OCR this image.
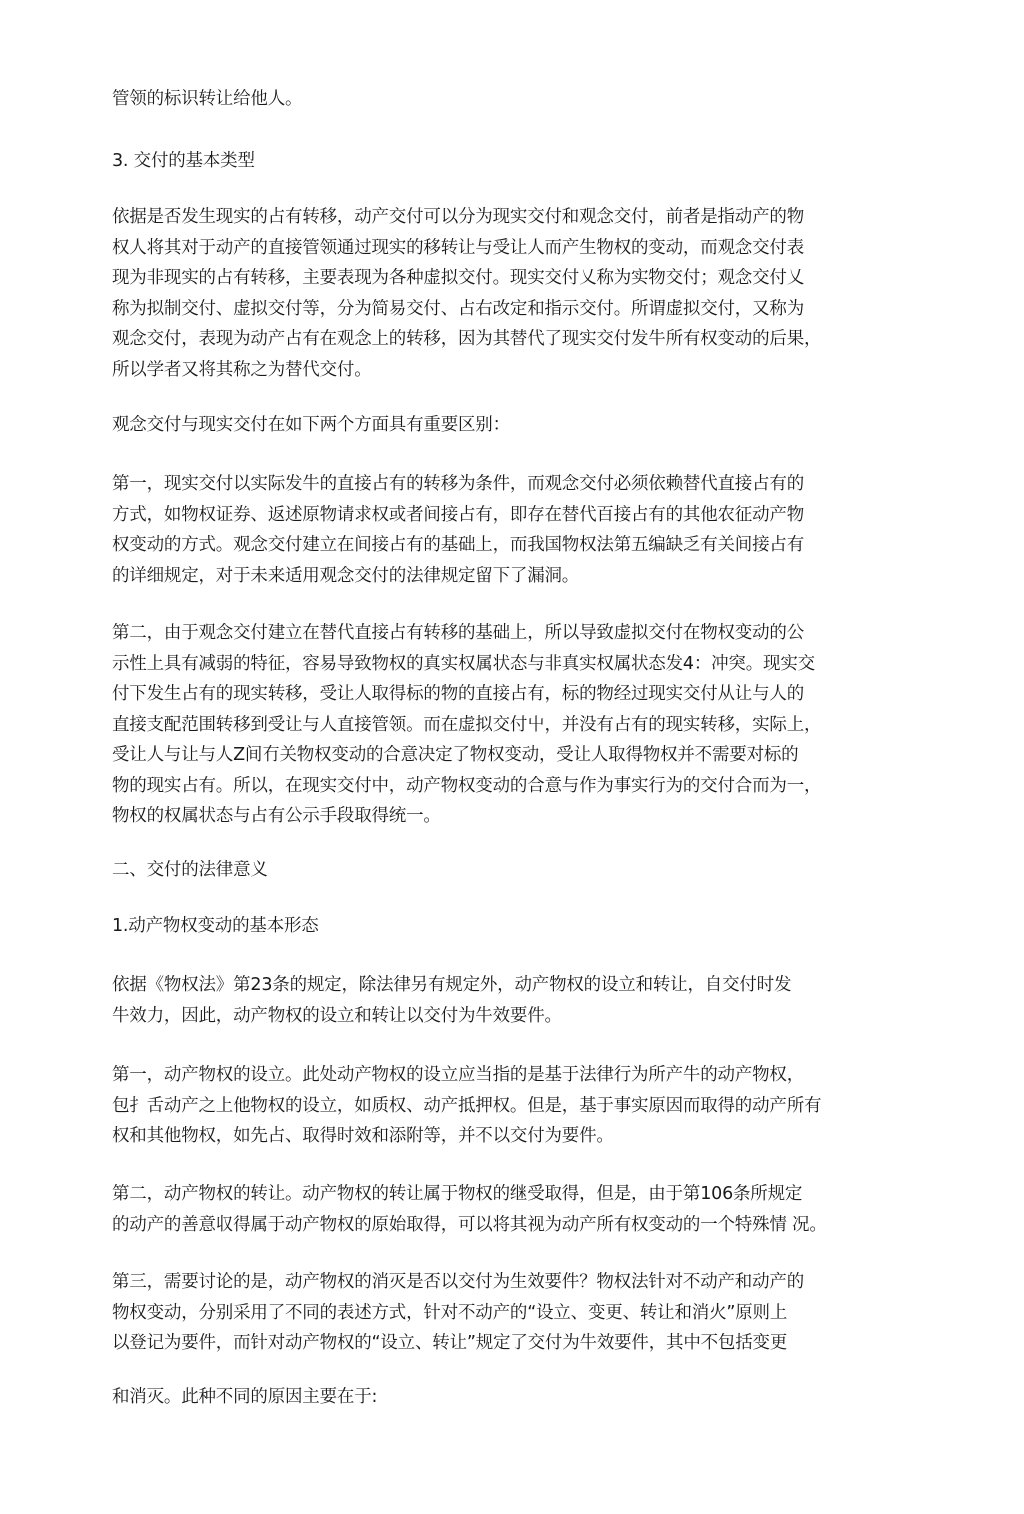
管领的标识转让给他人。

3. 交付的基本类型

依据是否发生现实的占有转移，动产交付可以分为现实交付和观念交付，前者是指动产的物
权人将其对于动产的直接管领通过现实的移转让与受让人而产生物权的变动，而观念交付表
现为非现实的占有转移，主要表现为各种虚拟交付。现实交付乂称为实物交付；观念交付乂
称为拟制交付、虚拟交付等，分为简易交付、占右改定和指示交付。所谓虚拟交付，又称为
观念交付，表现为动产占有在观念上的转移，因为其替代了现实交付发牛所有权变动的后果，
所以学者又将其称之为替代交付。

观念交付与现实交付在如下两个方面具有重要区别：

第一，现实交付以实际发牛的直接占有的转移为条件，而观念交付必须依赖替代直接占有的
方式，如物权证券、返述原物请求权或者间接占有，即存在替代百接占有的其他农征动产物
权变动的方式。观念交付建立在间接占有的基础上，而我国物权法第五编缺乏有关间接占有
的详细规定，对于未来适用观念交付的法律规定留下了漏洞。

第二，由于观念交付建立在替代直接占有转移的基础上，所以导致虚拟交付在物权变动的公
示性上具有减弱的特征，容易导致物权的真实权属状态与非真实权属状态发4：冲突。现实交
付下发生占有的现实转移，受让人取得标的物的直接占有，标的物经过现实交付从让与人的
直接支配范围转移到受让与人直接管领。而在虚拟交付屮，并没有占有的现实转移，实际上，
受让人与让与人Z间冇关物权变动的合意决定了物权变动，受让人取得物权并不需要对标的
物的现实占有。所以，在现实交付中，动产物权变动的合意与作为事实行为的交付合而为一，
物权的权属状态与占有公示手段取得统一。

二、交付的法律意义

1.动产物权变动的基本形态

依据《物权法》第23条的规定，除法律另有规定外，动产物权的设立和转让，自交付时发
牛效力，因此，动产物权的设立和转让以交付为牛效要件。

第一，动产物权的设立。此处动产物权的设立应当指的是基于法律行为所产牛的动产物权，
包扌舌动产之上他物权的设立，如质权、动产抵押权。但是，基于事实原因而取得的动产所有
权和其他物权，如先占、取得时效和添附等，并不以交付为要件。

第二，动产物权的转让。动产物权的转让属于物权的继受取得，但是，由于第106条所规定
的动产的善意収得属于动产物权的原始取得，可以将其视为动产所有权变动的一个特殊情 况。

第三，需要讨论的是，动产物权的消灭是否以交付为生效要件？物权法针对不动产和动产的
物权变动，分别采用了不同的表述方式，针对不动产的“设立、变更、转让和消火”原则上
以登记为要件，而针对动产物权的“设立、转让”规定了交付为牛效要件，其中不包括变更

和消灭。此种不同的原因主要在于:
